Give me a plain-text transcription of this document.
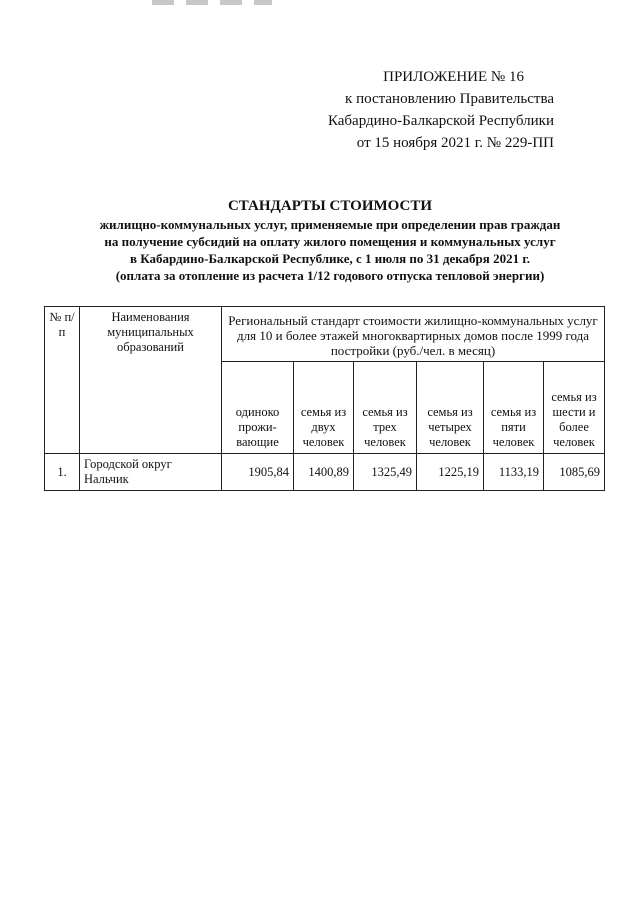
ПРИЛОЖЕНИЕ № 16
к постановлению Правительства
Кабардино-Балкарской Республики
от 15 ноября 2021 г. № 229-ПП
СТАНДАРТЫ СТОИМОСТИ
жилищно-коммунальных услуг, применяемые при определении прав граждан
на получение субсидий на оплату жилого помещения и коммунальных услуг
в Кабардино-Балкарской Республике, с 1 июля по 31 декабря 2021 г.
(оплата за отопление из расчета 1/12 годового отпуска тепловой энергии)
№ п/п	Наименования муниципальных образований	Региональный стандарт стоимости жилищно-коммунальных услуг для 10 и более этажей многоквартирных домов после 1999 года постройки (руб./чел. в месяц)					
		одиноко прожи-вающие	семья из двух человек	семья из трех человек	семья из четырех человек	семья из пяти человек	семья из шести и более человек
1.	Городской округ Нальчик	1905,84	1400,89	1325,49	1225,19	1133,19	1085,69
